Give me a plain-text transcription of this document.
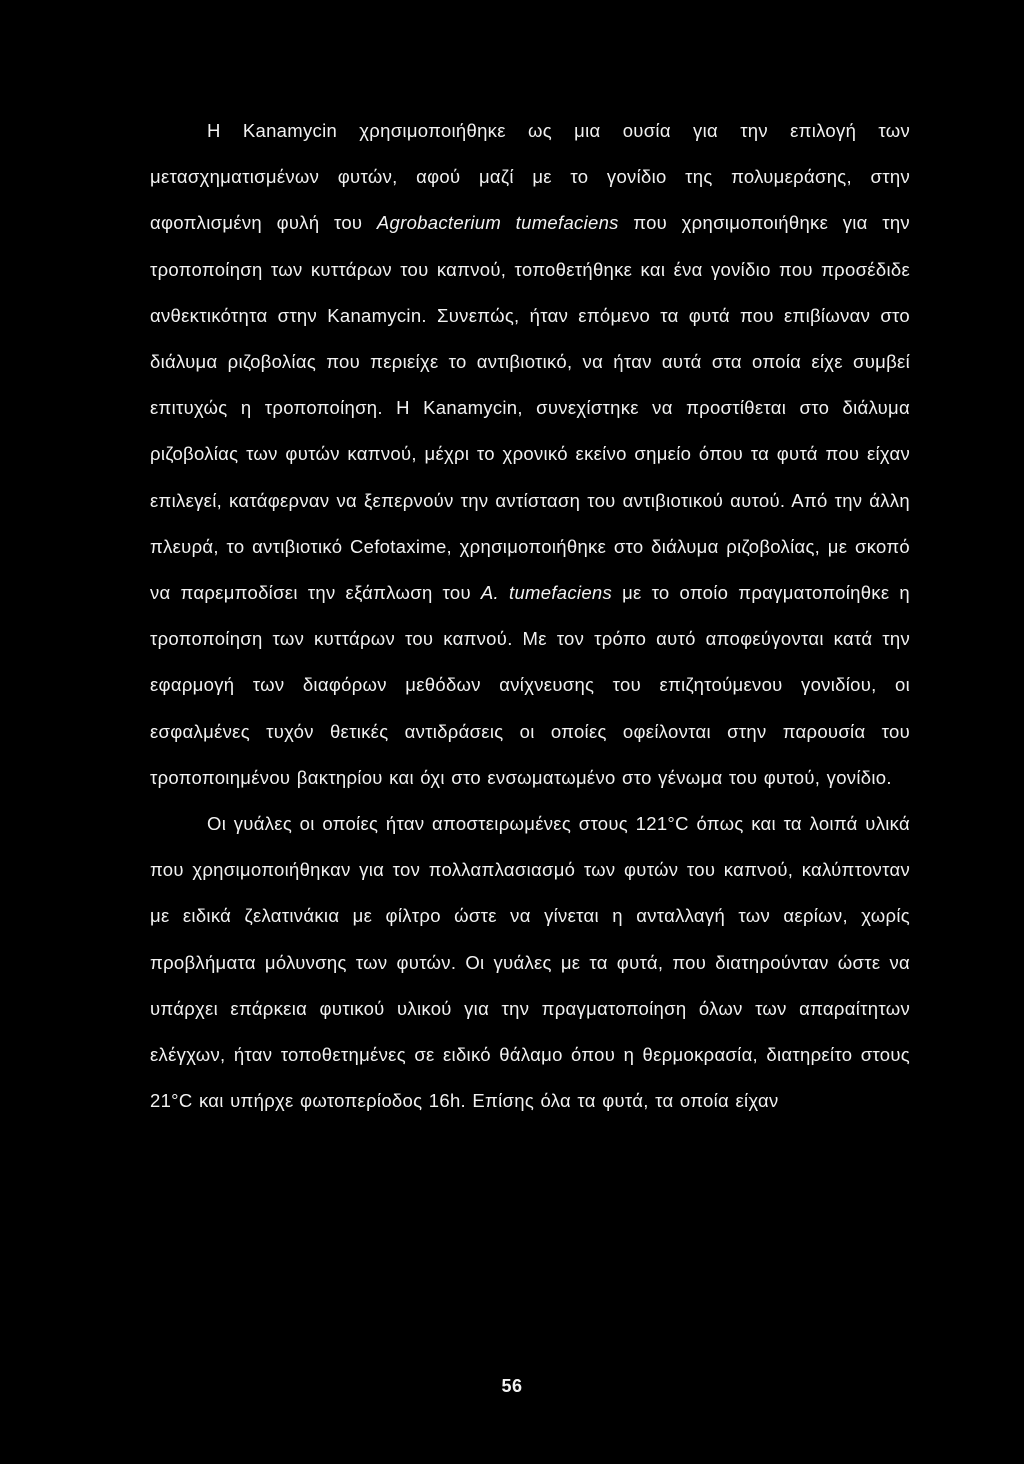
Η Kanamycin χρησιμοποιήθηκε ως μια ουσία για την επιλογή των μετασχηματισμένων φυτών, αφού μαζί με το γονίδιο της πολυμεράσης, στην αφοπλισμένη φυλή του Agrobacterium tumefaciens που χρησιμοποιήθηκε για την τροποποίηση των κυττάρων του καπνού, τοποθετήθηκε και ένα γονίδιο που προσέδιδε ανθεκτικότητα στην Kanamycin. Συνεπώς, ήταν επόμενο τα φυτά που επιβίωναν στο διάλυμα ριζοβολίας που περιείχε το αντιβιοτικό, να ήταν αυτά στα οποία είχε συμβεί επιτυχώς η τροποποίηση. Η Kanamycin, συνεχίστηκε να προστίθεται στο διάλυμα ριζοβολίας των φυτών καπνού, μέχρι το χρονικό εκείνο σημείο όπου τα φυτά που είχαν επιλεγεί, κατάφερναν να ξεπερνούν την αντίσταση του αντιβιοτικού αυτού. Από την άλλη πλευρά, το αντιβιοτικό Cefotaxime, χρησιμοποιήθηκε στο διάλυμα ριζοβολίας, με σκοπό να παρεμποδίσει την εξάπλωση του A. tumefaciens με το οποίο πραγματοποίηθκε η τροποποίηση των κυττάρων του καπνού. Με τον τρόπο αυτό αποφεύγονται κατά την εφαρμογή των διαφόρων μεθόδων ανίχνευσης του επιζητούμενου γονιδίου, οι εσφαλμένες τυχόν θετικές αντιδράσεις οι οποίες οφείλονται στην παρουσία του τροποποιημένου βακτηρίου και όχι στο ενσωματωμένο στο γένωμα του φυτού, γονίδιο.

Οι γυάλες οι οποίες ήταν αποστειρωμένες στους 121°C όπως και τα λοιπά υλικά που χρησιμοποιήθηκαν για τον πολλαπλασιασμό των φυτών του καπνού, καλύπτονταν με ειδικά ζελατινάκια με φίλτρο ώστε να γίνεται η ανταλλαγή των αερίων, χωρίς προβλήματα μόλυνσης των φυτών. Οι γυάλες με τα φυτά, που διατηρούνταν ώστε να υπάρχει επάρκεια φυτικού υλικού για την πραγματοποίηση όλων των απαραίτητων ελέγχων, ήταν τοποθετημένες σε ειδικό θάλαμο όπου η θερμοκρασία, διατηρείτο στους 21°C και υπήρχε φωτοπερίοδος 16h. Επίσης όλα τα φυτά, τα οποία είχαν

56
